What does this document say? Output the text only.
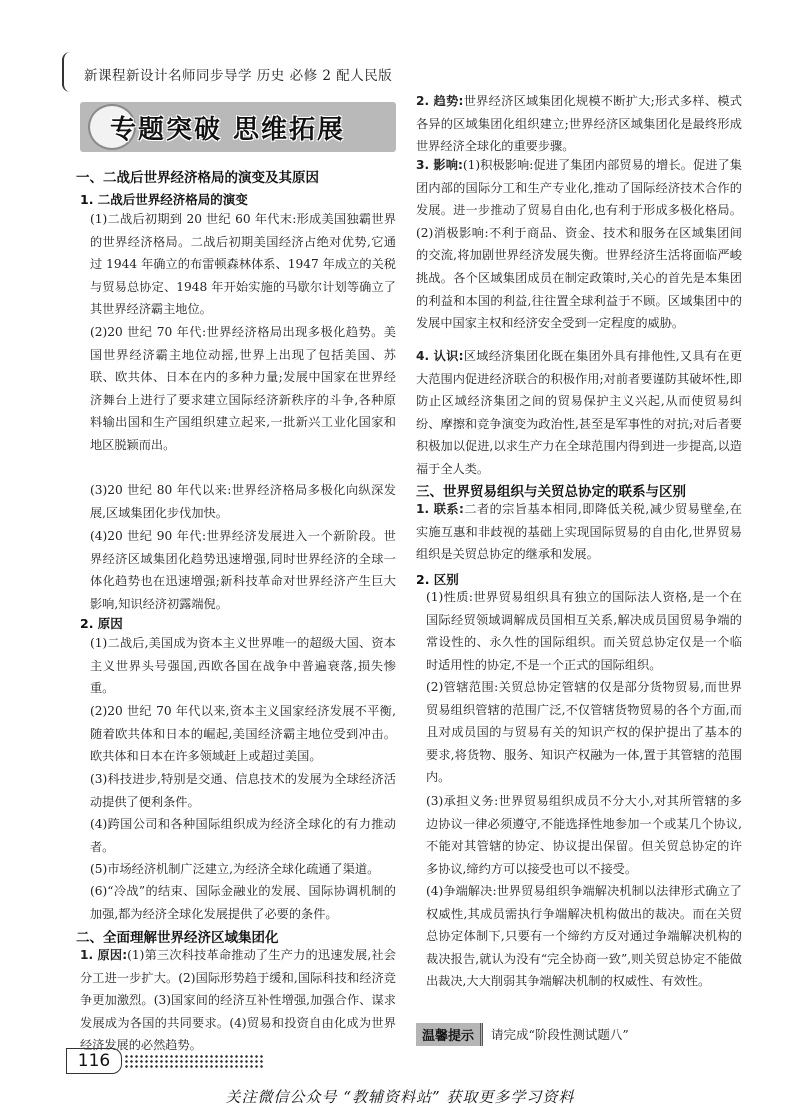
新课程新设计名师同步导学 历史 必修 2 配人民版
专题突破 思维拓展
一、二战后世界经济格局的演变及其原因
1. 二战后世界经济格局的演变
(1)二战后初期到 20 世纪 60 年代末:形成美国独霸世界的世界经济格局。二战后初期美国经济占绝对优势,它通过 1944 年确立的布雷顿森林体系、1947 年成立的关税与贸易总协定、1948 年开始实施的马歇尔计划等确立了其世界经济霸主地位。
(2)20 世纪 70 年代:世界经济格局出现多极化趋势。美国世界经济霸主地位动摇,世界上出现了包括美国、苏联、欧共体、日本在内的多种力量;发展中国家在世界经济舞台上进行了要求建立国际经济新秩序的斗争,各种原料输出国和生产国组织建立起来,一批新兴工业化国家和地区脱颖而出。
(3)20 世纪 80 年代以来:世界经济格局多极化向纵深发展,区域集团化步伐加快。
(4)20 世纪 90 年代:世界经济发展进入一个新阶段。世界经济区域集团化趋势迅速增强,同时世界经济的全球一体化趋势也在迅速增强;新科技革命对世界经济产生巨大影响,知识经济初露端倪。
2. 原因
(1)二战后,美国成为资本主义世界唯一的超级大国、资本主义世界头号强国,西欧各国在战争中普遍衰落,损失惨重。
(2)20 世纪 70 年代以来,资本主义国家经济发展不平衡,随着欧共体和日本的崛起,美国经济霸主地位受到冲击。欧共体和日本在许多领域赶上或超过美国。
(3)科技进步,特别是交通、信息技术的发展为全球经济活动提供了便利条件。
(4)跨国公司和各种国际组织成为经济全球化的有力推动者。
(5)市场经济机制广泛建立,为经济全球化疏通了渠道。
(6)“冷战”的结束、国际金融业的发展、国际协调机制的加强,都为经济全球化发展提供了必要的条件。
二、全面理解世界经济区域集团化
1. 原因:(1)第三次科技革命推动了生产力的迅速发展,社会分工进一步扩大。(2)国际形势趋于缓和,国际科技和经济竞争更加激烈。(3)国家间的经济互补性增强,加强合作、谋求发展成为各国的共同要求。(4)贸易和投资自由化成为世界经济发展的必然趋势。
2. 趋势:世界经济区域集团化规模不断扩大;形式多样、模式各异的区域集团化组织建立;世界经济区域集团化是最终形成世界经济全球化的重要步骤。
3. 影响:(1)积极影响:促进了集团内部贸易的增长。促进了集团内部的国际分工和生产专业化,推动了国际经济技术合作的发展。进一步推动了贸易自由化,也有利于形成多极化格局。(2)消极影响:不利于商品、资金、技术和服务在区域集团间的交流,将加剧世界经济发展失衡。世界经济生活将面临严峻挑战。各个区域集团成员在制定政策时,关心的首先是本集团的利益和本国的利益,往往置全球利益于不顾。区域集团中的发展中国家主权和经济安全受到一定程度的威胁。
4. 认识:区域经济集团化既在集团外具有排他性,又具有在更大范围内促进经济联合的积极作用;对前者要谨防其破坏性,即防止区域经济集团之间的贸易保护主义兴起,从而使贸易纠纷、摩擦和竞争演变为政治性,甚至是军事性的对抗;对后者要积极加以促进,以求生产力在全球范围内得到进一步提高,以造福于全人类。
三、世界贸易组织与关贸总协定的联系与区别
1. 联系:二者的宗旨基本相同,即降低关税,减少贸易壁垒,在实施互惠和非歧视的基础上实现国际贸易的自由化,世界贸易组织是关贸总协定的继承和发展。
2. 区别
(1)性质:世界贸易组织具有独立的国际法人资格,是一个在国际经贸领域调解成员国相互关系,解决成员国贸易争端的常设性的、永久性的国际组织。而关贸总协定仅是一个临时适用性的协定,不是一个正式的国际组织。
(2)管辖范围:关贸总协定管辖的仅是部分货物贸易,而世界贸易组织管辖的范围广泛,不仅管辖货物贸易的各个方面,而且对成员国的与贸易有关的知识产权的保护提出了基本的要求,将货物、服务、知识产权融为一体,置于其管辖的范围内。
(3)承担义务:世界贸易组织成员不分大小,对其所管辖的多边协议一律必须遵守,不能选择性地参加一个或某几个协议,不能对其管辖的协定、协议提出保留。但关贸总协定的许多协议,缔约方可以接受也可以不接受。
(4)争端解决:世界贸易组织争端解决机制以法律形式确立了权威性,其成员需执行争端解决机构做出的裁决。而在关贸总协定体制下,只要有一个缔约方反对通过争端解决机构的裁决报告,就认为没有“完全协商一致”,则关贸总协定不能做出裁决,大大削弱其争端解决机制的权威性、有效性。
温馨提示	请完成“阶段性测试题八”
116
关注微信公众号 “教辅资料站” 获取更多学习资料
